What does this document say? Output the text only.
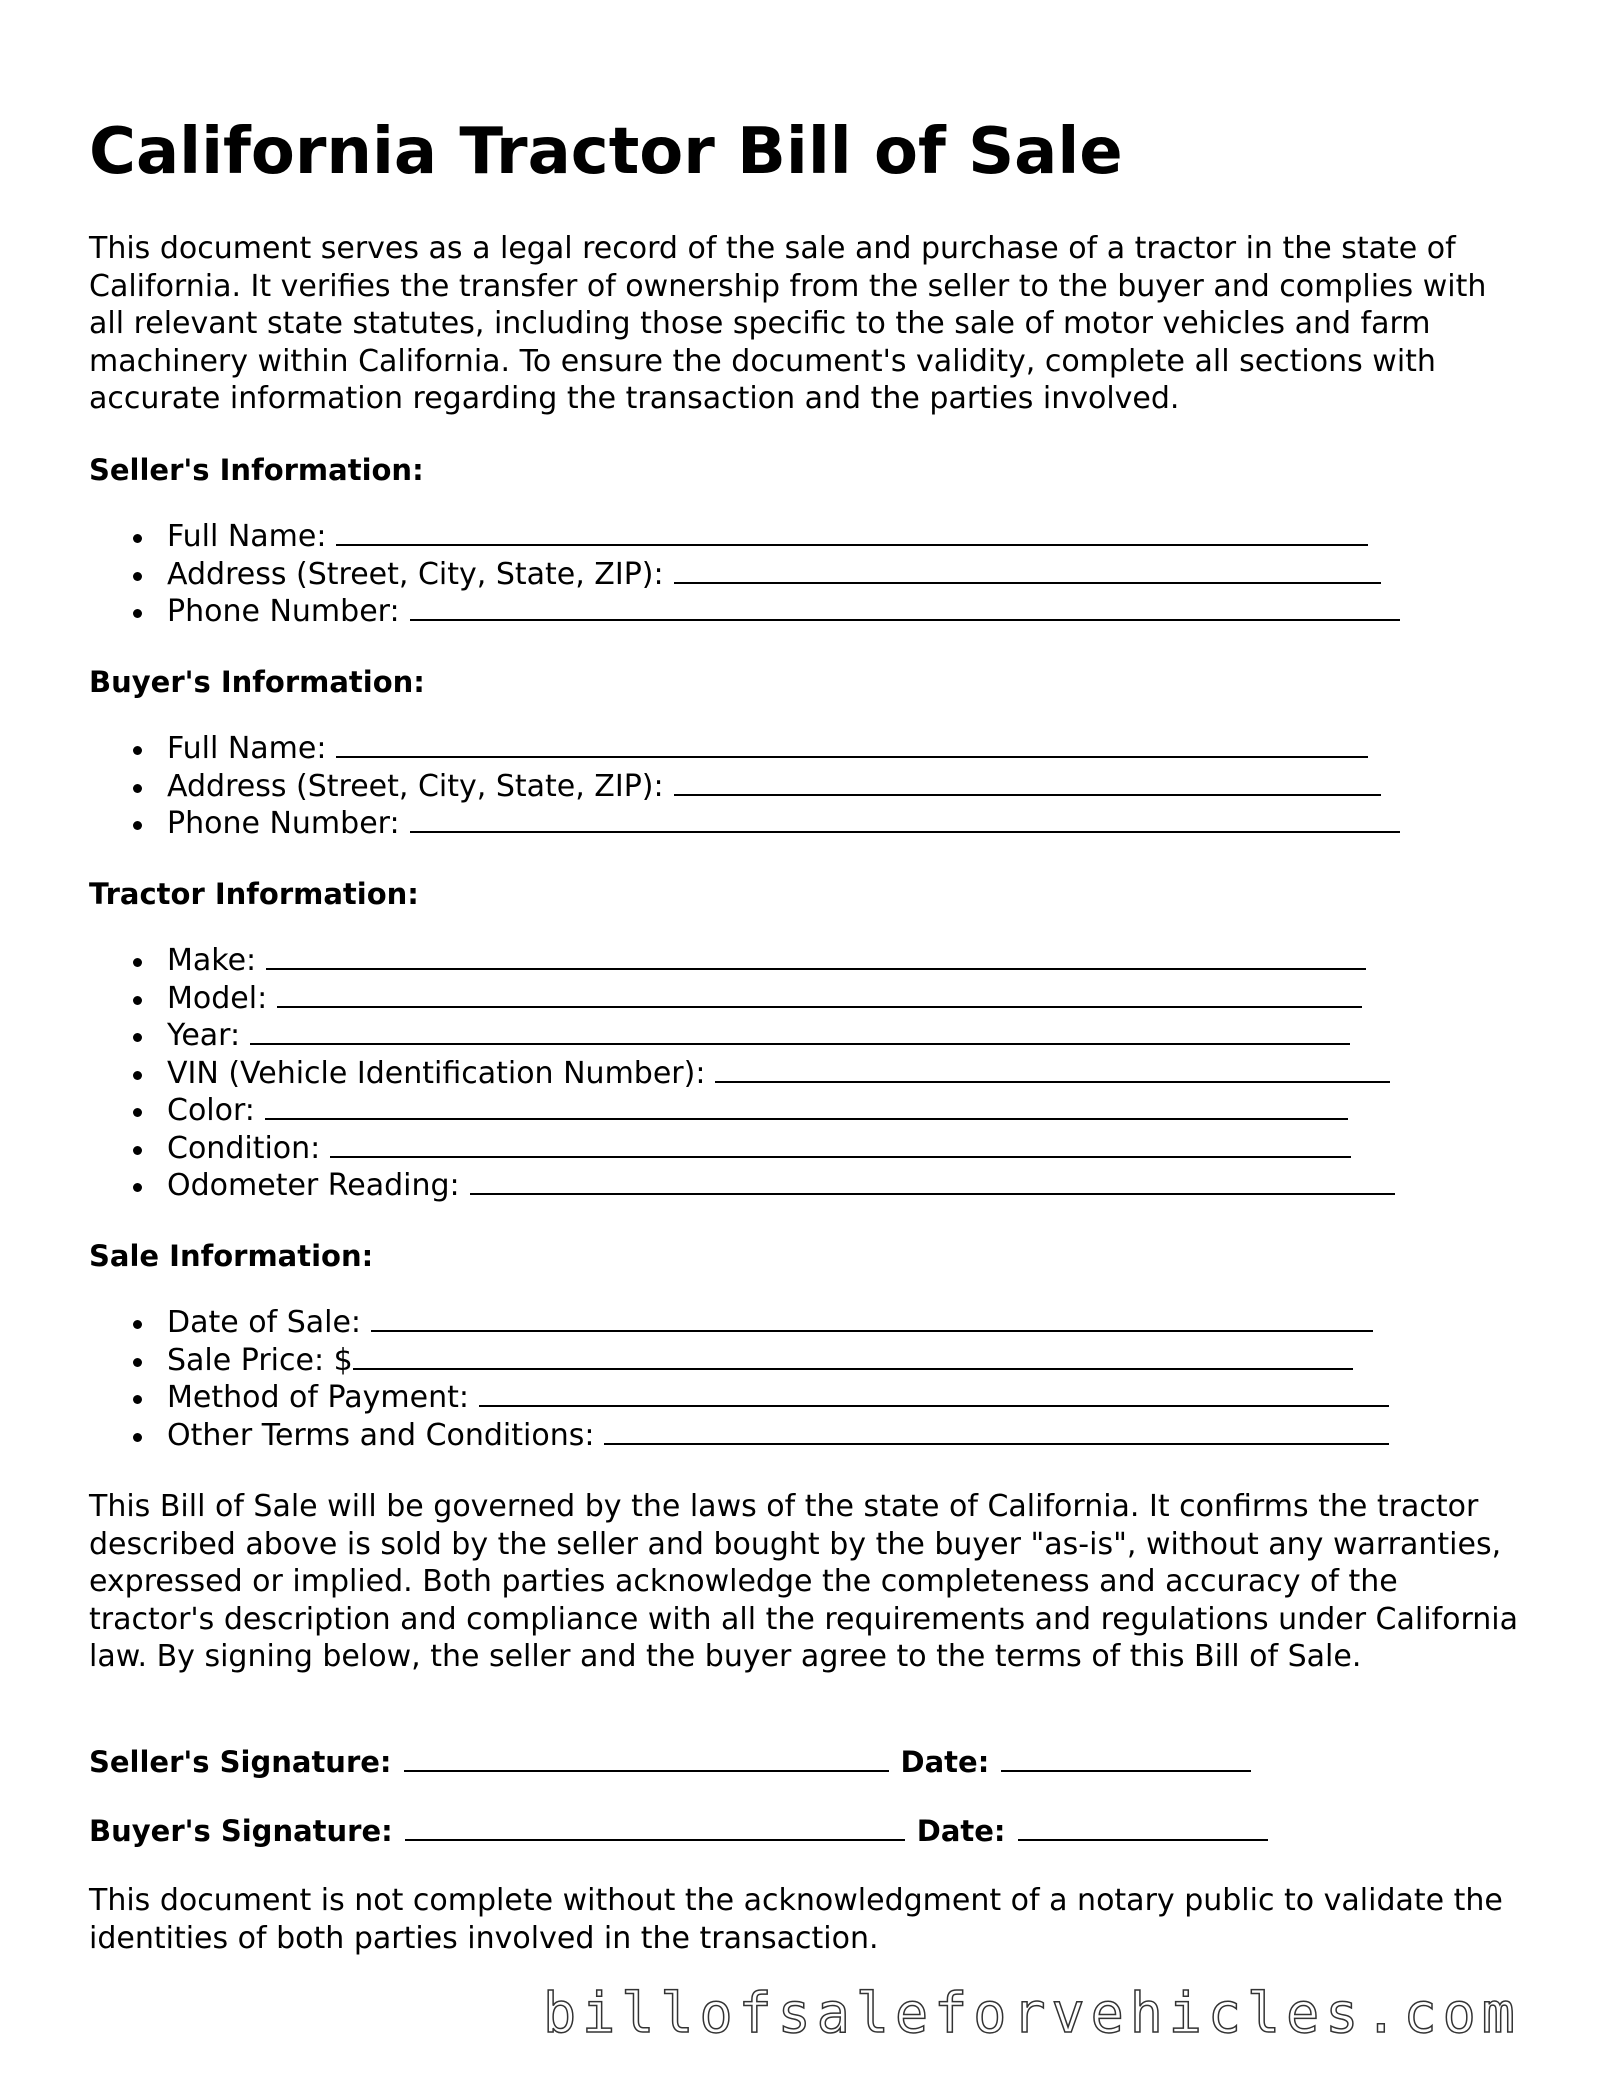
California Tractor Bill of Sale

This document serves as a legal record of the sale and purchase of a tractor in the state of California. It verifies the transfer of ownership from the seller to the buyer and complies with all relevant state statutes, including those specific to the sale of motor vehicles and farm machinery within California. To ensure the document's validity, complete all sections with accurate information regarding the transaction and the parties involved.

Seller's Information:
Full Name:
Address (Street, City, State, ZIP):
Phone Number:
Buyer's Information:
Full Name:
Address (Street, City, State, ZIP):
Phone Number:
Tractor Information:
Make:
Model:
Year:
VIN (Vehicle Identification Number):
Color:
Condition:
Odometer Reading:
Sale Information:
Date of Sale:
Sale Price: $
Method of Payment:
Other Terms and Conditions:

This Bill of Sale will be governed by the laws of the state of California. It confirms the tractor described above is sold by the seller and bought by the buyer "as-is", without any warranties, expressed or implied. Both parties acknowledge the completeness and accuracy of the tractor's description and compliance with all the requirements and regulations under California law. By signing below, the seller and the buyer agree to the terms of this Bill of Sale.

Seller's Signature:	Date:
Buyer's Signature:	Date:

This document is not complete without the acknowledgment of a notary public to validate the identities of both parties involved in the transaction.

billofsaleforvehicles.com
